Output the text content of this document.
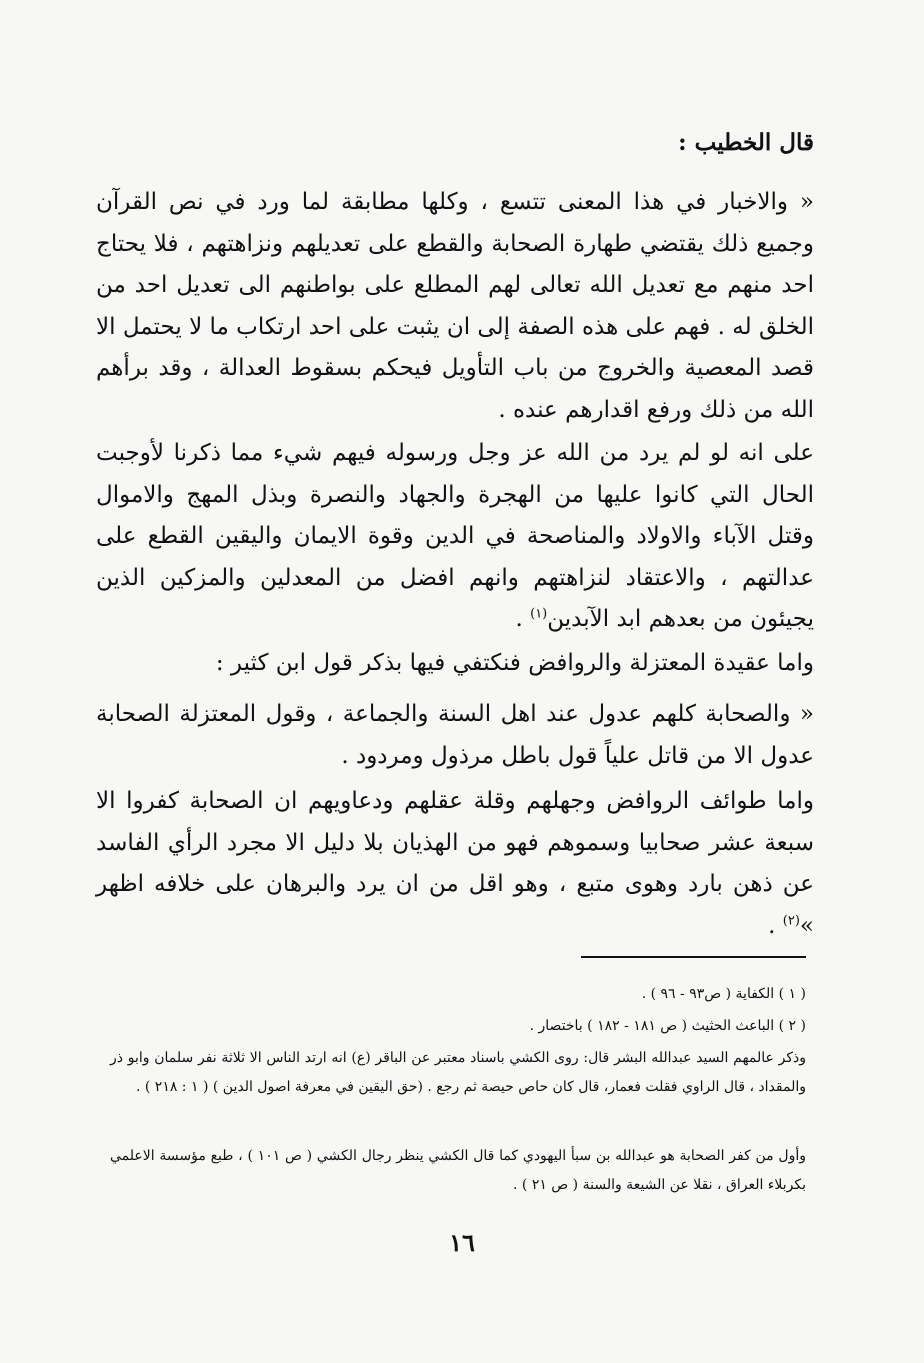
قال الخطيب :

« والاخبار في هذا المعنى تتسع ، وكلها مطابقة لما ورد في نص القرآن وجميع ذلك يقتضي طهارة الصحابة والقطع على تعديلهم ونزاهتهم ، فلا يحتاج احد منهم مع تعديل الله تعالى لهم المطلع على بواطنهم الى تعديل احد من الخلق له . فهم على هذه الصفة إلى ان يثبت على احد ارتكاب ما لا يحتمل الا قصد المعصية والخروج من باب التأويل فيحكم بسقوط العدالة ، وقد برأهم الله من ذلك ورفع اقدارهم عنده .

على انه لو لم يرد من الله عز وجل ورسوله فيهم شيء مما ذكرنا لأوجبت الحال التي كانوا عليها من الهجرة والجهاد والنصرة وبذل المهج والاموال وقتل الآباء والاولاد والمناصحة في الدين وقوة الايمان واليقين القطع على عدالتهم ، والاعتقاد لنزاهتهم وانهم افضل من المعدلين والمزكين الذين يجيئون من بعدهم ابد الآبدين$^{(١)}$ .

واما عقيدة المعتزلة والروافض فنكتفي فيها بذكر قول ابن كثير :

« والصحابة كلهم عدول عند اهل السنة والجماعة ، وقول المعتزلة الصحابة عدول الا من قاتل علياً قول باطل مرذول ومردود .

واما طوائف الروافض وجهلهم وقلة عقلهم ودعاويهم ان الصحابة كفروا الا سبعة عشر صحابيا وسموهم فهو من الهذيان بلا دليل الا مجرد الرأي الفاسد عن ذهن بارد وهوى متبع ، وهو اقل من ان يرد والبرهان على خلافه اظهر »$^{(٢)}$ .

( ١ ) الكفاية ( ص٩٣ - ٩٦ ) .

( ٢ ) الباعث الحثيث ( ص ١٨١ - ١٨٢ ) باختصار .

وذكر عالمهم السيد عبدالله البشر قال: روى الكشي باسناد معتبر عن الباقر (ع) انه ارتد الناس الا ثلاثة نفر سلمان وابو ذر والمقداد ، قال الراوي فقلت فعمار، قال كان حاص حيصة ثم رجع . (حق اليقين في معرفة اصول الدين ) ( ١ : ٢١٨ ) .

وأول من كفر الصحابة هو عبدالله بن سبأ اليهودي كما قال الكشي ينظر رجال الكشي ( ص ١٠١ ) ، طبع مؤسسة الاعلمي بكربلاء العراق ، نقلا عن الشيعة والسنة ( ص ٢١ ) .

١٦
